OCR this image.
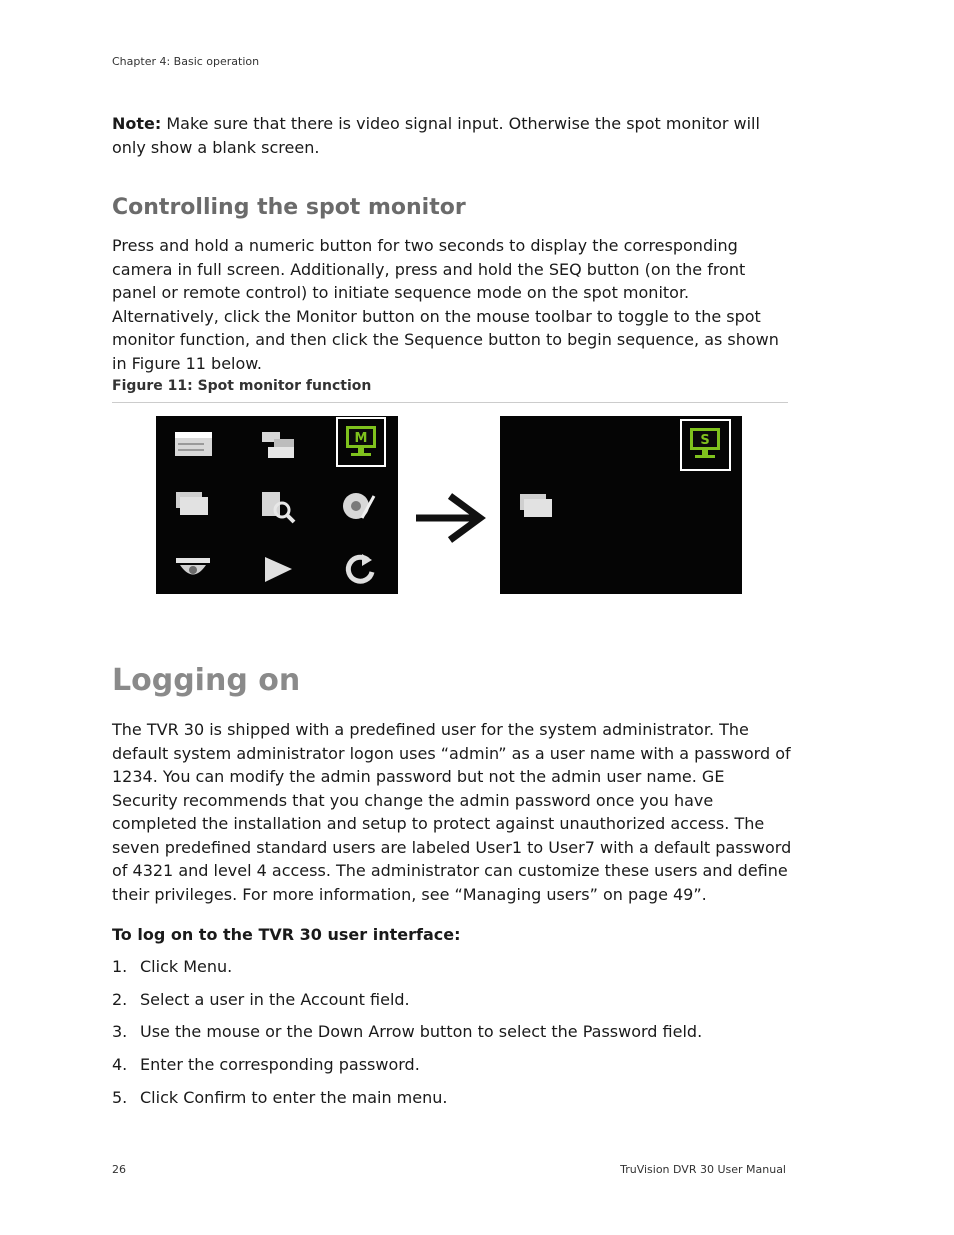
Chapter 4: Basic operation
Note: Make sure that there is video signal input. Otherwise the spot monitor will only show a blank screen.
Controlling the spot monitor
Press and hold a numeric button for two seconds to display the corresponding camera in full screen. Additionally, press and hold the SEQ button (on the front panel or remote control) to initiate sequence mode on the spot monitor. Alternatively, click the Monitor button on the mouse toolbar to toggle to the spot monitor function, and then click the Sequence button to begin sequence, as shown in Figure 11 below.
Figure 11: Spot monitor function
M	S
Logging on
The TVR 30 is shipped with a predefined user for the system administrator. The default system administrator logon uses “admin” as a user name with a password of 1234. You can modify the admin password but not the admin user name. GE Security recommends that you change the admin password once you have completed the installation and setup to protect against unauthorized access. The seven predefined standard users are labeled User1 to User7 with a default password of 4321 and level 4 access. The administrator can customize these users and define their privileges. For more information, see “Managing users” on page 49”.
To log on to the TVR 30 user interface:
1. Click Menu.
2. Select a user in the Account field.
3. Use the mouse or the Down Arrow button to select the Password field.
4. Enter the corresponding password.
5. Click Confirm to enter the main menu.
26	TruVision DVR 30 User Manual
